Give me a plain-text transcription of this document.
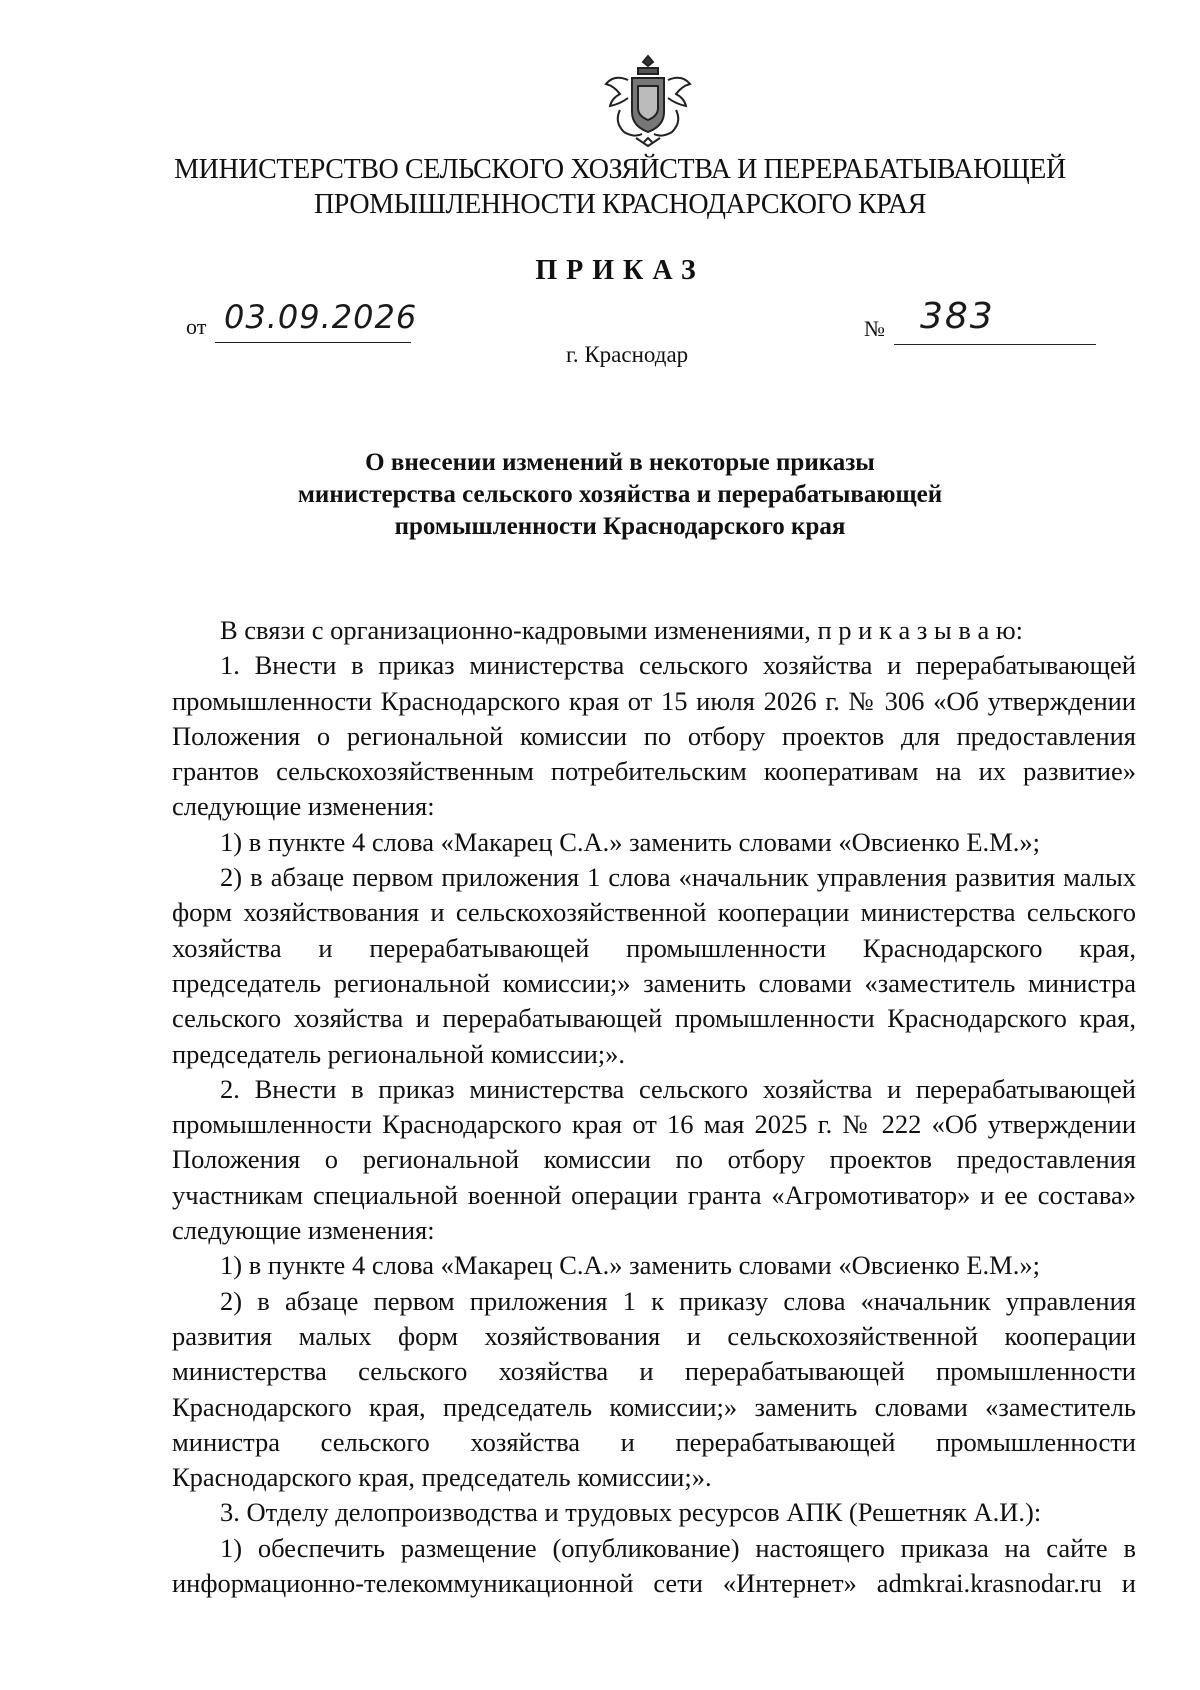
МИНИСТЕРСТВО СЕЛЬСКОГО ХОЗЯЙСТВА И ПЕРЕРАБАТЫВАЮЩЕЙ
ПРОМЫШЛЕННОСТИ КРАСНОДАРСКОГО КРАЯ
ПРИКАЗ
от 03.09.2026	№ 383
г. Краснодар
О внесении изменений в некоторые приказы
министерства сельского хозяйства и перерабатывающей
промышленности Краснодарского края

В связи с организационно-кадровыми изменениями, п р и к а з ы в а ю:

1. Внести в приказ министерства сельского хозяйства и перерабатывающей промышленности Краснодарского края от 15 июля 2026 г. № 306 «Об утверждении Положения о региональной комиссии по отбору проектов для предоставления грантов сельскохозяйственным потребительским кооперативам на их развитие» следующие изменения:

1) в пункте 4 слова «Макарец С.А.» заменить словами «Овсиенко Е.М.»;

2) в абзаце первом приложения 1 слова «начальник управления развития малых форм хозяйствования и сельскохозяйственной кооперации министерства сельского хозяйства и перерабатывающей промышленности Краснодарского края, председатель региональной комиссии;» заменить словами «заместитель министра сельского хозяйства и перерабатывающей промышленности Краснодарского края, председатель региональной комиссии;».

2. Внести в приказ министерства сельского хозяйства и перерабатывающей промышленности Краснодарского края от 16 мая 2025 г. № 222 «Об утверждении Положения о региональной комиссии по отбору проектов предоставления участникам специальной военной операции гранта «Агромотиватор» и ее состава» следующие изменения:

1) в пункте 4 слова «Макарец С.А.» заменить словами «Овсиенко Е.М.»;

2) в абзаце первом приложения 1 к приказу слова «начальник управления развития малых форм хозяйствования и сельскохозяйственной кооперации министерства сельского хозяйства и перерабатывающей промышленности Краснодарского края, председатель комиссии;» заменить словами «заместитель министра сельского хозяйства и перерабатывающей промышленности Краснодарского края, председатель комиссии;».

3. Отделу делопроизводства и трудовых ресурсов АПК (Решетняк А.И.):

1) обеспечить размещение (опубликование) настоящего приказа на сайте в информационно-телекоммуникационной сети «Интернет» admkrai.krasnodar.ru и
